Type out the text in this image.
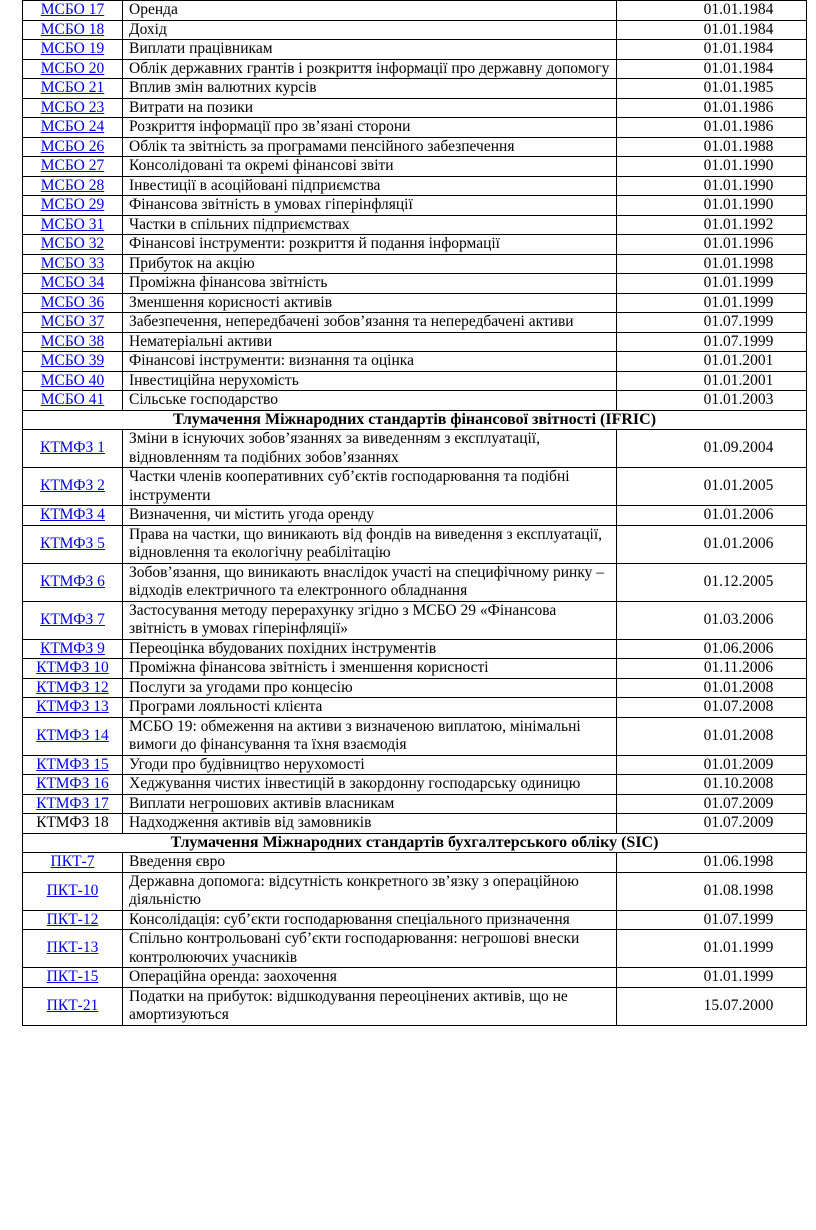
МСБО 17	Оренда	01.01.1984
МСБО 18	Дохід	01.01.1984
МСБО 19	Виплати працівникам	01.01.1984
МСБО 20	Облік державних грантів і розкриття інформації про державну допомогу	01.01.1984
МСБО 21	Вплив змін валютних курсів	01.01.1985
МСБО 23	Витрати на позики	01.01.1986
МСБО 24	Розкриття інформації про зв’язані сторони	01.01.1986
МСБО 26	Облік та звітність за програмами пенсійного забезпечення	01.01.1988
МСБО 27	Консолідовані та окремі фінансові звіти	01.01.1990
МСБО 28	Інвестиції в асоційовані підприємства	01.01.1990
МСБО 29	Фінансова звітність в умовах гіперінфляції	01.01.1990
МСБО 31	Частки в спільних підприємствах	01.01.1992
МСБО 32	Фінансові інструменти: розкриття й подання інформації	01.01.1996
МСБО 33	Прибуток на акцію	01.01.1998
МСБО 34	Проміжна фінансова звітність	01.01.1999
МСБО 36	Зменшення корисності активів	01.01.1999
МСБО 37	Забезпечення, непередбачені зобов’язання та непередбачені активи	01.07.1999
МСБО 38	Нематеріальні активи	01.07.1999
МСБО 39	Фінансові інструменти: визнання та оцінка	01.01.2001
МСБО 40	Інвестиційна нерухомість	01.01.2001
МСБО 41	Сільське господарство	01.01.2003
Тлумачення Міжнародних стандартів фінансової звітності (IFRIC)		
КТМФЗ 1	Зміни в існуючих зобов’язаннях за виведенням з експлуатації, відновленням та подібних зобов’язаннях	01.09.2004
КТМФЗ 2	Частки членів кооперативних суб’єктів господарювання та подібні інструменти	01.01.2005
КТМФЗ 4	Визначення, чи містить угода оренду	01.01.2006
КТМФЗ 5	Права на частки, що виникають від фондів на виведення з експлуатації, відновлення та екологічну реабілітацію	01.01.2006
КТМФЗ 6	Зобов’язання, що виникають внаслідок участі на специфічному ринку – відходів електричного та електронного обладнання	01.12.2005
КТМФЗ 7	Застосування методу перерахунку згідно з МСБО 29 «Фінансова звітність в умовах гіперінфляції»	01.03.2006
КТМФЗ 9	Переоцінка вбудованих похідних інструментів	01.06.2006
КТМФЗ 10	Проміжна фінансова звітність і зменшення корисності	01.11.2006
КТМФЗ 12	Послуги за угодами про концесію	01.01.2008
КТМФЗ 13	Програми лояльності клієнта	01.07.2008
КТМФЗ 14	МСБО 19: обмеження на активи з визначеною виплатою, мінімальні вимоги до фінансування та їхня взаємодія	01.01.2008
КТМФЗ 15	Угоди про будівництво нерухомості	01.01.2009
КТМФЗ 16	Хеджування чистих інвестицій в закордонну господарську одиницю	01.10.2008
КТМФЗ 17	Виплати негрошових активів власникам	01.07.2009
КТМФЗ 18	Надходження активів від замовників	01.07.2009
Тлумачення Міжнародних стандартів бухгалтерського обліку (SIC)		
ПКТ-7	Введення євро	01.06.1998
ПКТ-10	Державна допомога: відсутність конкретного зв’язку з операційною діяльністю	01.08.1998
ПКТ-12	Консолідація: суб’єкти господарювання спеціального призначення	01.07.1999
ПКТ-13	Спільно контрольовані суб’єкти господарювання: негрошові внески контролюючих учасників	01.01.1999
ПКТ-15	Операційна оренда: заохочення	01.01.1999
ПКТ-21	Податки на прибуток: відшкодування переоцінених активів, що не амортизуються	15.07.2000
